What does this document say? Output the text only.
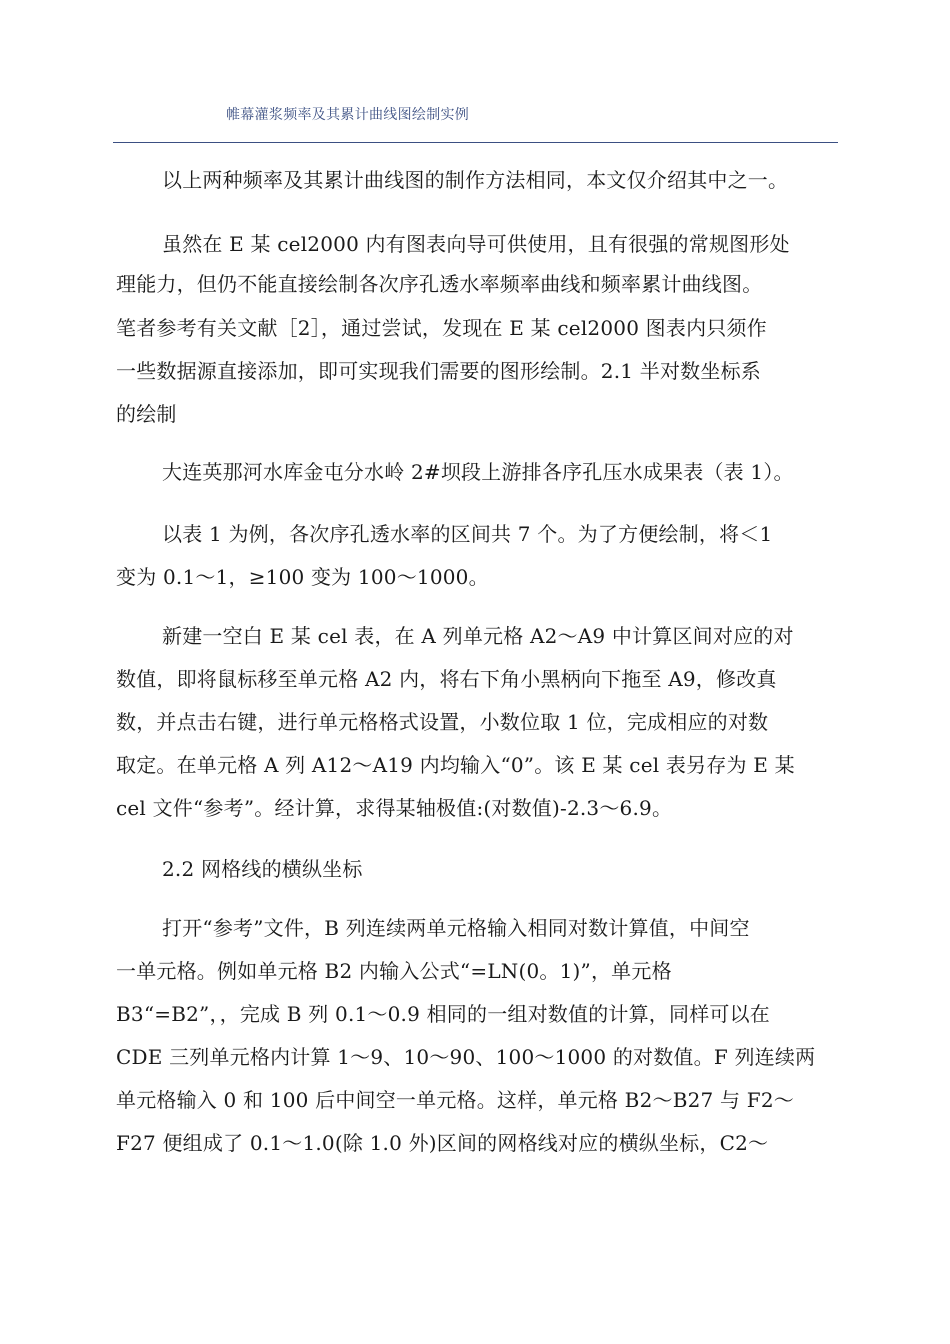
帷幕灌浆频率及其累计曲线图绘制实例
以上两种频率及其累计曲线图的制作方法相同，本文仅介绍其中之一。
虽然在 E 某 cel2000 内有图表向导可供使用，且有很强的常规图形处
理能力，但仍不能直接绘制各次序孔透水率频率曲线和频率累计曲线图。
笔者参考有关文献［2］，通过尝试，发现在 E 某 cel2000 图表内只须作
一些数据源直接添加，即可实现我们需要的图形绘制。2.1 半对数坐标系
的绘制
大连英那河水库金屯分水岭 2#坝段上游排各序孔压水成果表（表 1）。
以表 1 为例，各次序孔透水率的区间共 7 个。为了方便绘制，将＜1
变为 0.1～1，≥100 变为 100～1000。
新建一空白 E 某 cel 表，在 A 列单元格 A2～A9 中计算区间对应的对
数值，即将鼠标移至单元格 A2 内，将右下角小黑柄向下拖至 A9，修改真
数，并点击右键，进行单元格格式设置，小数位取 1 位，完成相应的对数
取定。在单元格 A 列 A12～A19 内均输入“0”。该 E 某 cel 表另存为 E 某
cel 文件“参考”。经计算，求得某轴极值:(对数值)-2.3～6.9。
2.2 网格线的横纵坐标
打开“参考”文件，B 列连续两单元格输入相同对数计算值，中间空
一单元格。例如单元格 B2 内输入公式“=LN(0。1)”，单元格
B3“=B2”，，完成 B 列 0.1～0.9 相同的一组对数值的计算，同样可以在
CDE 三列单元格内计算 1～9、10～90、100～1000 的对数值。F 列连续两
单元格输入 0 和 100 后中间空一单元格。这样，单元格 B2～B27 与 F2～
F27 便组成了 0.1～1.0(除 1.0 外)区间的网格线对应的横纵坐标，C2～
